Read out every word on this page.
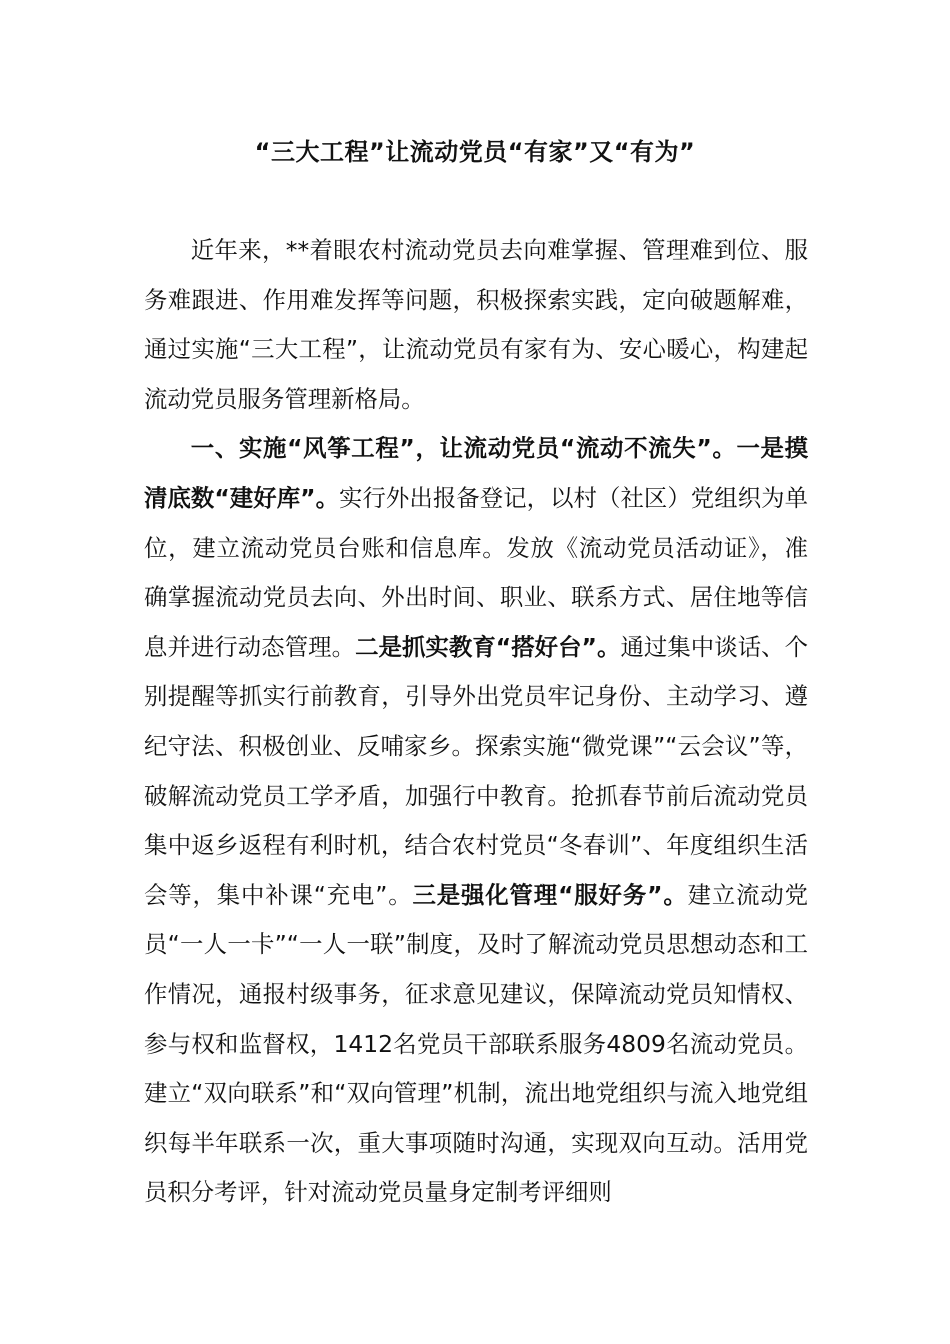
“三大工程”让流动党员“有家”又“有为”

近年来，**着眼农村流动党员去向难掌握、管理难到位、服务难跟进、作用难发挥等问题，积极探索实践，定向破题解难，通过实施“三大工程”，让流动党员有家有为、安心暖心，构建起流动党员服务管理新格局。

一、实施“风筝工程”，让流动党员“流动不流失”。一是摸清底数“建好库”。实行外出报备登记，以村（社区）党组织为单位，建立流动党员台账和信息库。发放《流动党员活动证》，准确掌握流动党员去向、外出时间、职业、联系方式、居住地等信息并进行动态管理。二是抓实教育“搭好台”。通过集中谈话、个别提醒等抓实行前教育，引导外出党员牢记身份、主动学习、遵纪守法、积极创业、反哺家乡。探索实施“微党课”“云会议”等，破解流动党员工学矛盾，加强行中教育。抢抓春节前后流动党员集中返乡返程有利时机，结合农村党员“冬春训”、年度组织生活会等，集中补课“充电”。三是强化管理“服好务”。建立流动党员“一人一卡”“一人一联”制度，及时了解流动党员思想动态和工作情况，通报村级事务，征求意见建议，保障流动党员知情权、参与权和监督权，1412名党员干部联系服务4809名流动党员。建立“双向联系”和“双向管理”机制，流出地党组织与流入地党组织每半年联系一次，重大事项随时沟通，实现双向互动。活用党员积分考评，针对流动党员量身定制考评细则
